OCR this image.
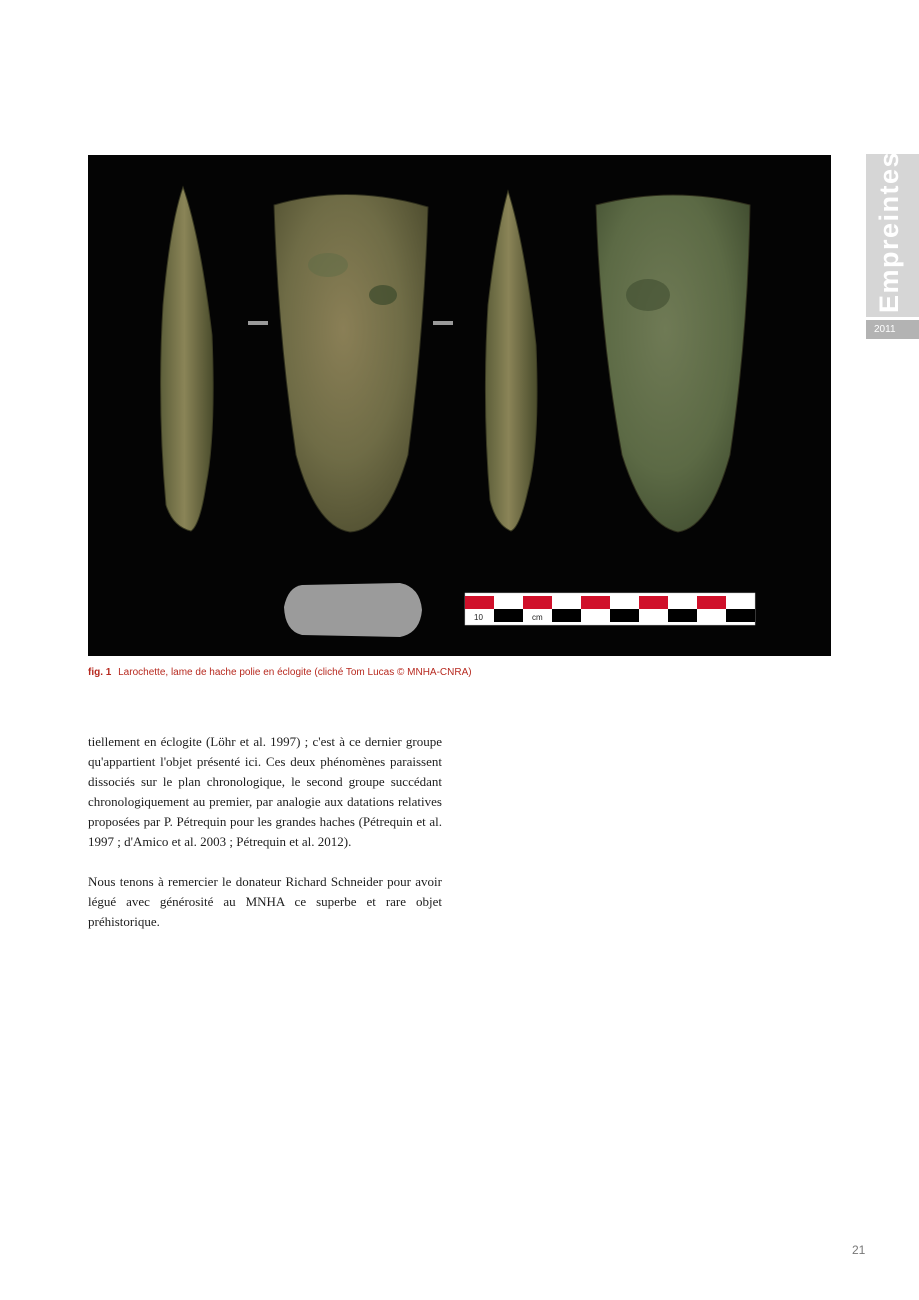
10	cm
fig. 1 Larochette, lame de hache polie en éclogite (cliché Tom Lucas © MNHA-CNRA)

tiellement en éclogite (Löhr et al. 1997) ; c'est à ce dernier groupe qu'appartient l'objet présenté ici. Ces deux phénomènes paraissent dissociés sur le plan chronologique, le second groupe succédant chronologiquement au premier, par analogie aux datations relatives proposées par P. Pétrequin pour les grandes haches (Pétrequin et al. 1997 ; d'Amico et al. 2003 ; Pétrequin et al. 2012).

Nous tenons à remercier le donateur Richard Schneider pour avoir légué avec générosité au MNHA ce superbe et rare objet préhistorique.

Empreintes
2011
21
